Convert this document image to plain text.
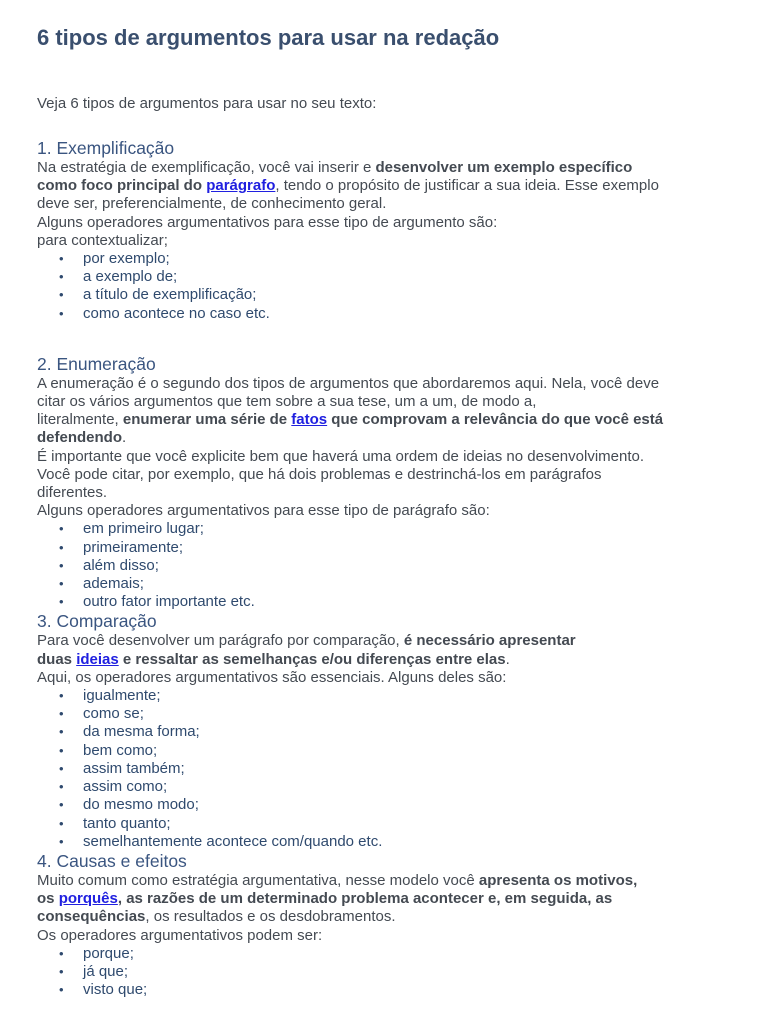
6 tipos de argumentos para usar na redação

Veja 6 tipos de argumentos para usar no seu texto:

1. Exemplificação
Na estratégia de exemplificação, você vai inserir e desenvolver um exemplo específico
como foco principal do parágrafo, tendo o propósito de justificar a sua ideia. Esse exemplo
deve ser, preferencialmente, de conhecimento geral.
Alguns operadores argumentativos para esse tipo de argumento são:
para contextualizar;
• por exemplo;
• a exemplo de;
• a título de exemplificação;
• como acontece no caso etc.
2. Enumeração
A enumeração é o segundo dos tipos de argumentos que abordaremos aqui. Nela, você deve
citar os vários argumentos que tem sobre a sua tese, um a um, de modo a,
literalmente, enumerar uma série de fatos que comprovam a relevância do que você está
defendendo.
É importante que você explicite bem que haverá uma ordem de ideias no desenvolvimento.
Você pode citar, por exemplo, que há dois problemas e destrinchá-los em parágrafos
diferentes.
Alguns operadores argumentativos para esse tipo de parágrafo são:
• em primeiro lugar;
• primeiramente;
• além disso;
• ademais;
• outro fator importante etc.
3. Comparação
Para você desenvolver um parágrafo por comparação, é necessário apresentar
duas ideias e ressaltar as semelhanças e/ou diferenças entre elas.
Aqui, os operadores argumentativos são essenciais. Alguns deles são:
• igualmente;
• como se;
• da mesma forma;
• bem como;
• assim também;
• assim como;
• do mesmo modo;
• tanto quanto;
• semelhantemente acontece com/quando etc.
4. Causas e efeitos
Muito comum como estratégia argumentativa, nesse modelo você apresenta os motivos,
os porquês, as razões de um determinado problema acontecer e, em seguida, as
consequências, os resultados e os desdobramentos.
Os operadores argumentativos podem ser:
• porque;
• já que;
• visto que;
